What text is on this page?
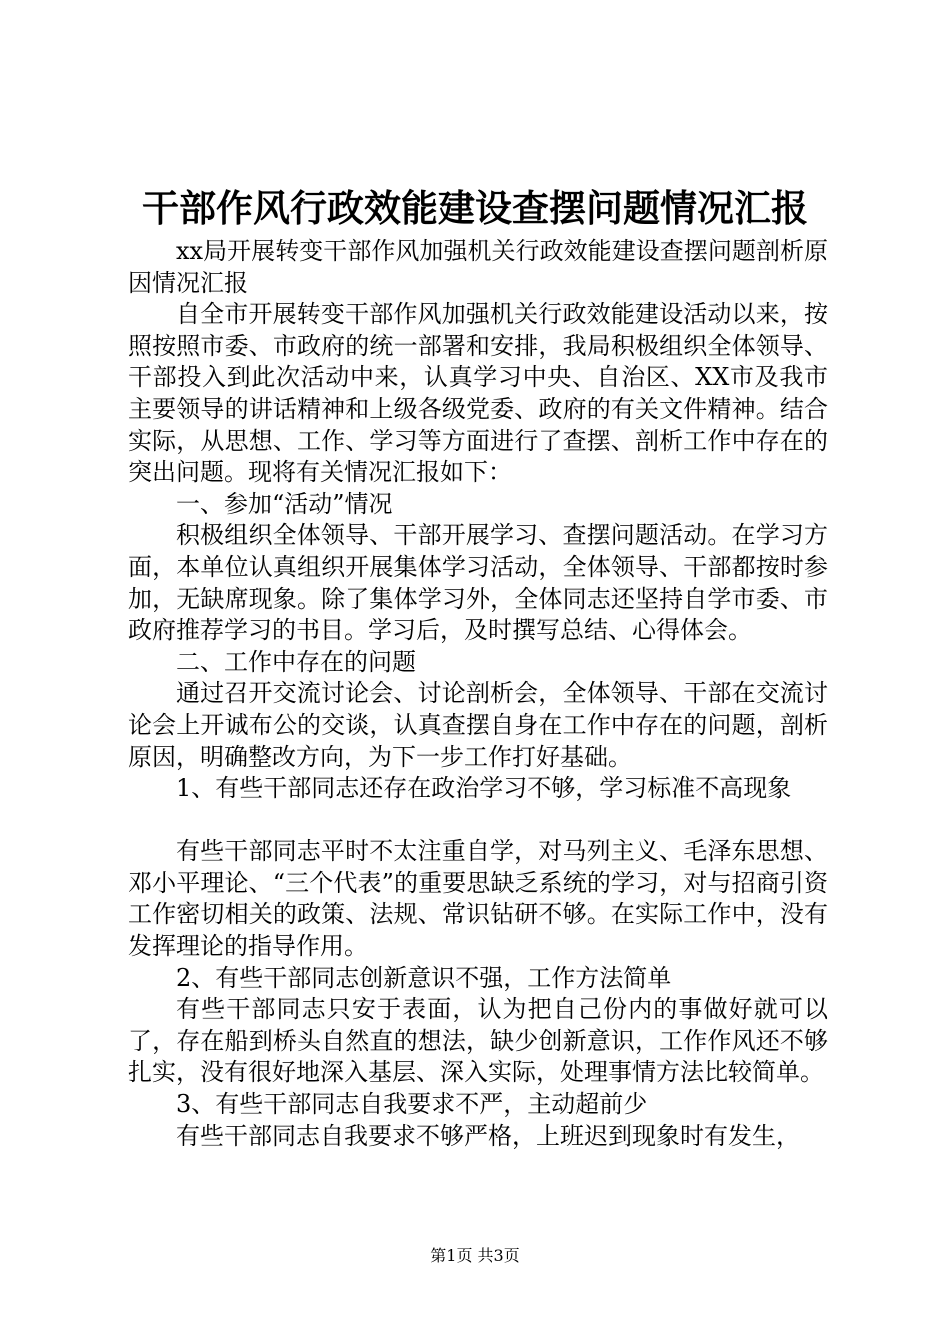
干部作风行政效能建设查摆问题情况汇报

xx局开展转变干部作风加强机关行政效能建设查摆问题剖析原因情况汇报

自全市开展转变干部作风加强机关行政效能建设活动以来，按照按照市委、市政府的统一部署和安排，我局积极组织全体领导、干部投入到此次活动中来，认真学习中央、自治区、XX市及我市主要领导的讲话精神和上级各级党委、政府的有关文件精神。结合实际，从思想、工作、学习等方面进行了查摆、剖析工作中存在的突出问题。现将有关情况汇报如下：

一、参加“活动”情况

积极组织全体领导、干部开展学习、查摆问题活动。在学习方面，本单位认真组织开展集体学习活动，全体领导、干部都按时参加，无缺席现象。除了集体学习外，全体同志还坚持自学市委、市政府推荐学习的书目。学习后，及时撰写总结、心得体会。

二、工作中存在的问题

通过召开交流讨论会、讨论剖析会，全体领导、干部在交流讨论会上开诚布公的交谈，认真查摆自身在工作中存在的问题，剖析原因，明确整改方向，为下一步工作打好基础。

1、有些干部同志还存在政治学习不够，学习标准不高现象

有些干部同志平时不太注重自学，对马列主义、毛泽东思想、邓小平理论、“三个代表”的重要思缺乏系统的学习，对与招商引资工作密切相关的政策、法规、常识钻研不够。在实际工作中，没有发挥理论的指导作用。

2、有些干部同志创新意识不强，工作方法简单

有些干部同志只安于表面，认为把自己份内的事做好就可以了，存在船到桥头自然直的想法，缺少创新意识，工作作风还不够扎实，没有很好地深入基层、深入实际，处理事情方法比较简单。

3、有些干部同志自我要求不严，主动超前少

有些干部同志自我要求不够严格，上班迟到现象时有发生，

第1页 共3页
